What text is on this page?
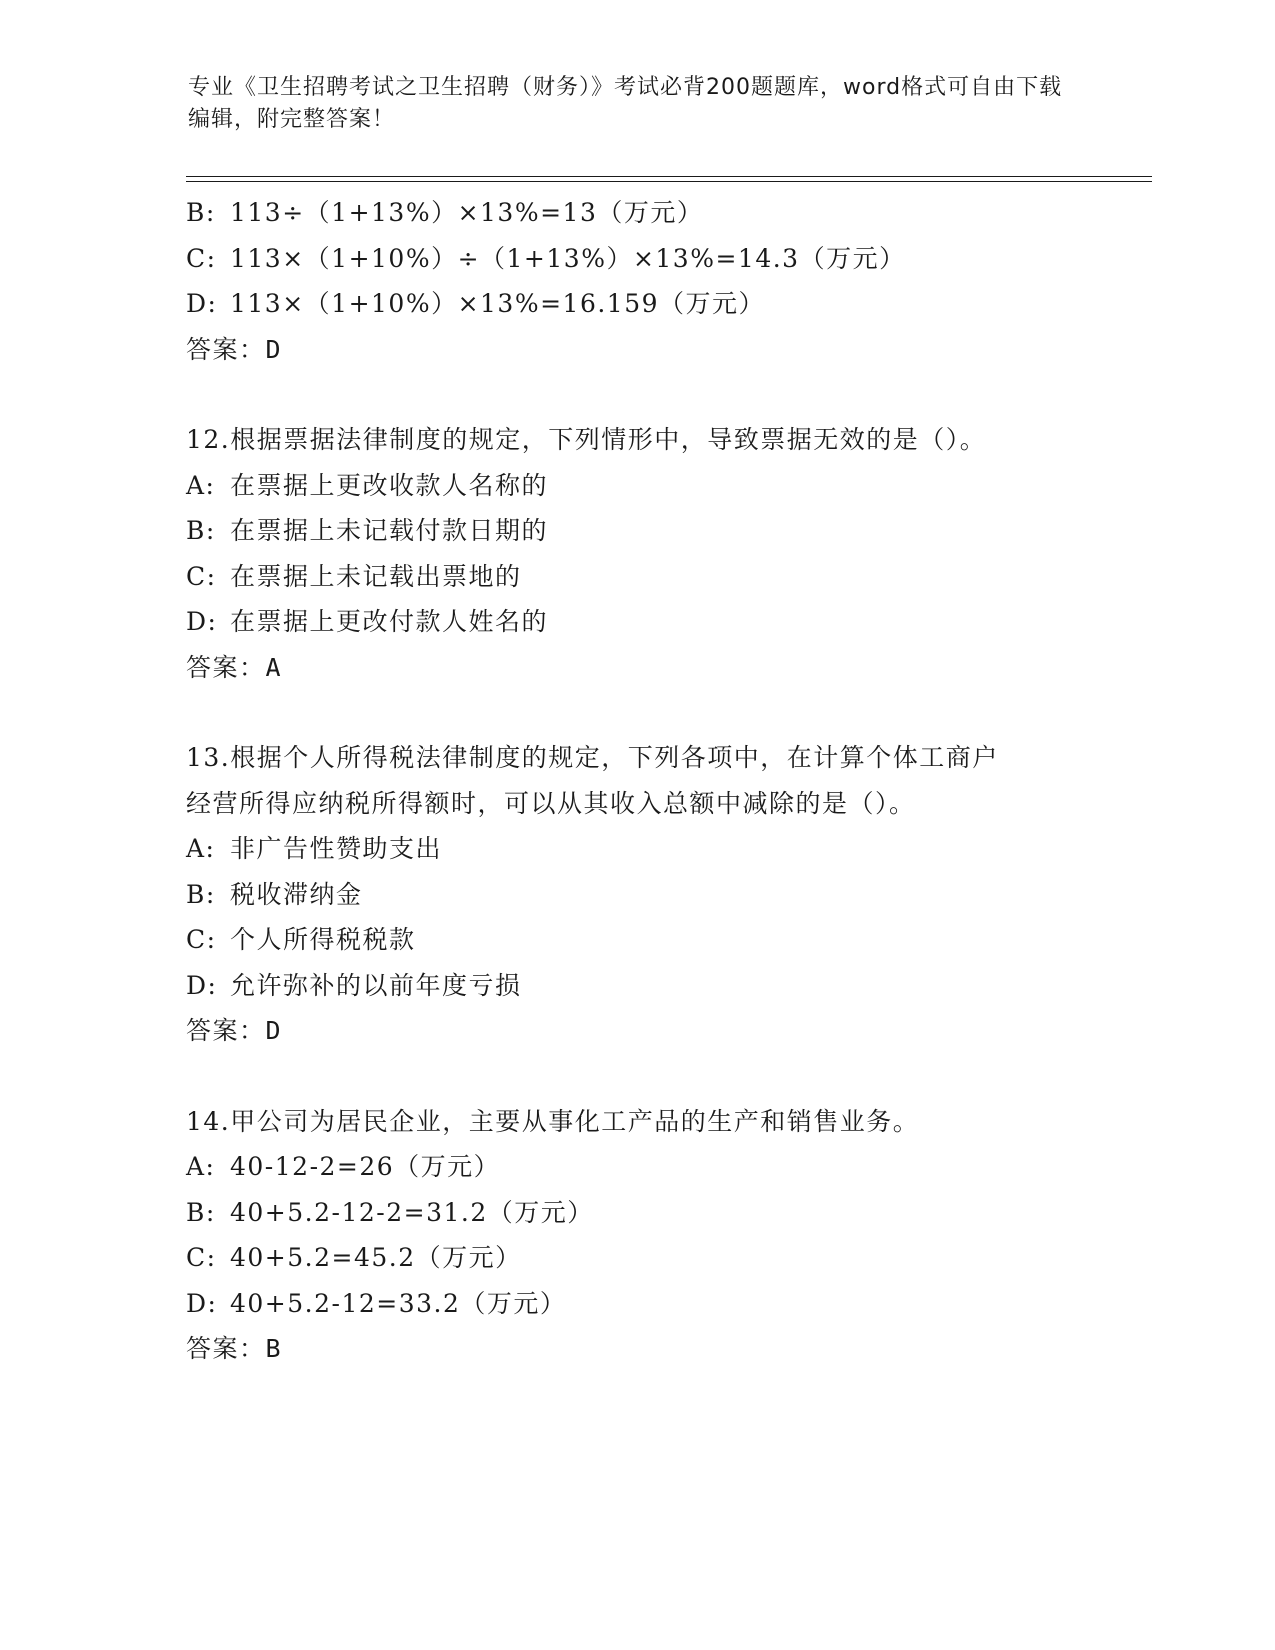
专业《卫生招聘考试之卫生招聘（财务）》考试必背200题题库，word格式可自由下载编辑，附完整答案！
B: 113÷（1+13%）×13%=13（万元）
C: 113×（1+10%）÷（1+13%）×13%=14.3（万元）
D: 113×（1+10%）×13%=16.159（万元）
答案：D
12.根据票据法律制度的规定，下列情形中，导致票据无效的是（）。
A: 在票据上更改收款人名称的
B: 在票据上未记载付款日期的
C: 在票据上未记载出票地的
D: 在票据上更改付款人姓名的
答案：A
13.根据个人所得税法律制度的规定，下列各项中，在计算个体工商户
经营所得应纳税所得额时，可以从其收入总额中减除的是（）。
A: 非广告性赞助支出
B: 税收滞纳金
C: 个人所得税税款
D: 允许弥补的以前年度亏损
答案：D
14.甲公司为居民企业，主要从事化工产品的生产和销售业务。
A: 40-12-2=26（万元）
B: 40+5.2-12-2=31.2（万元）
C: 40+5.2=45.2（万元）
D: 40+5.2-12=33.2（万元）
答案：B
